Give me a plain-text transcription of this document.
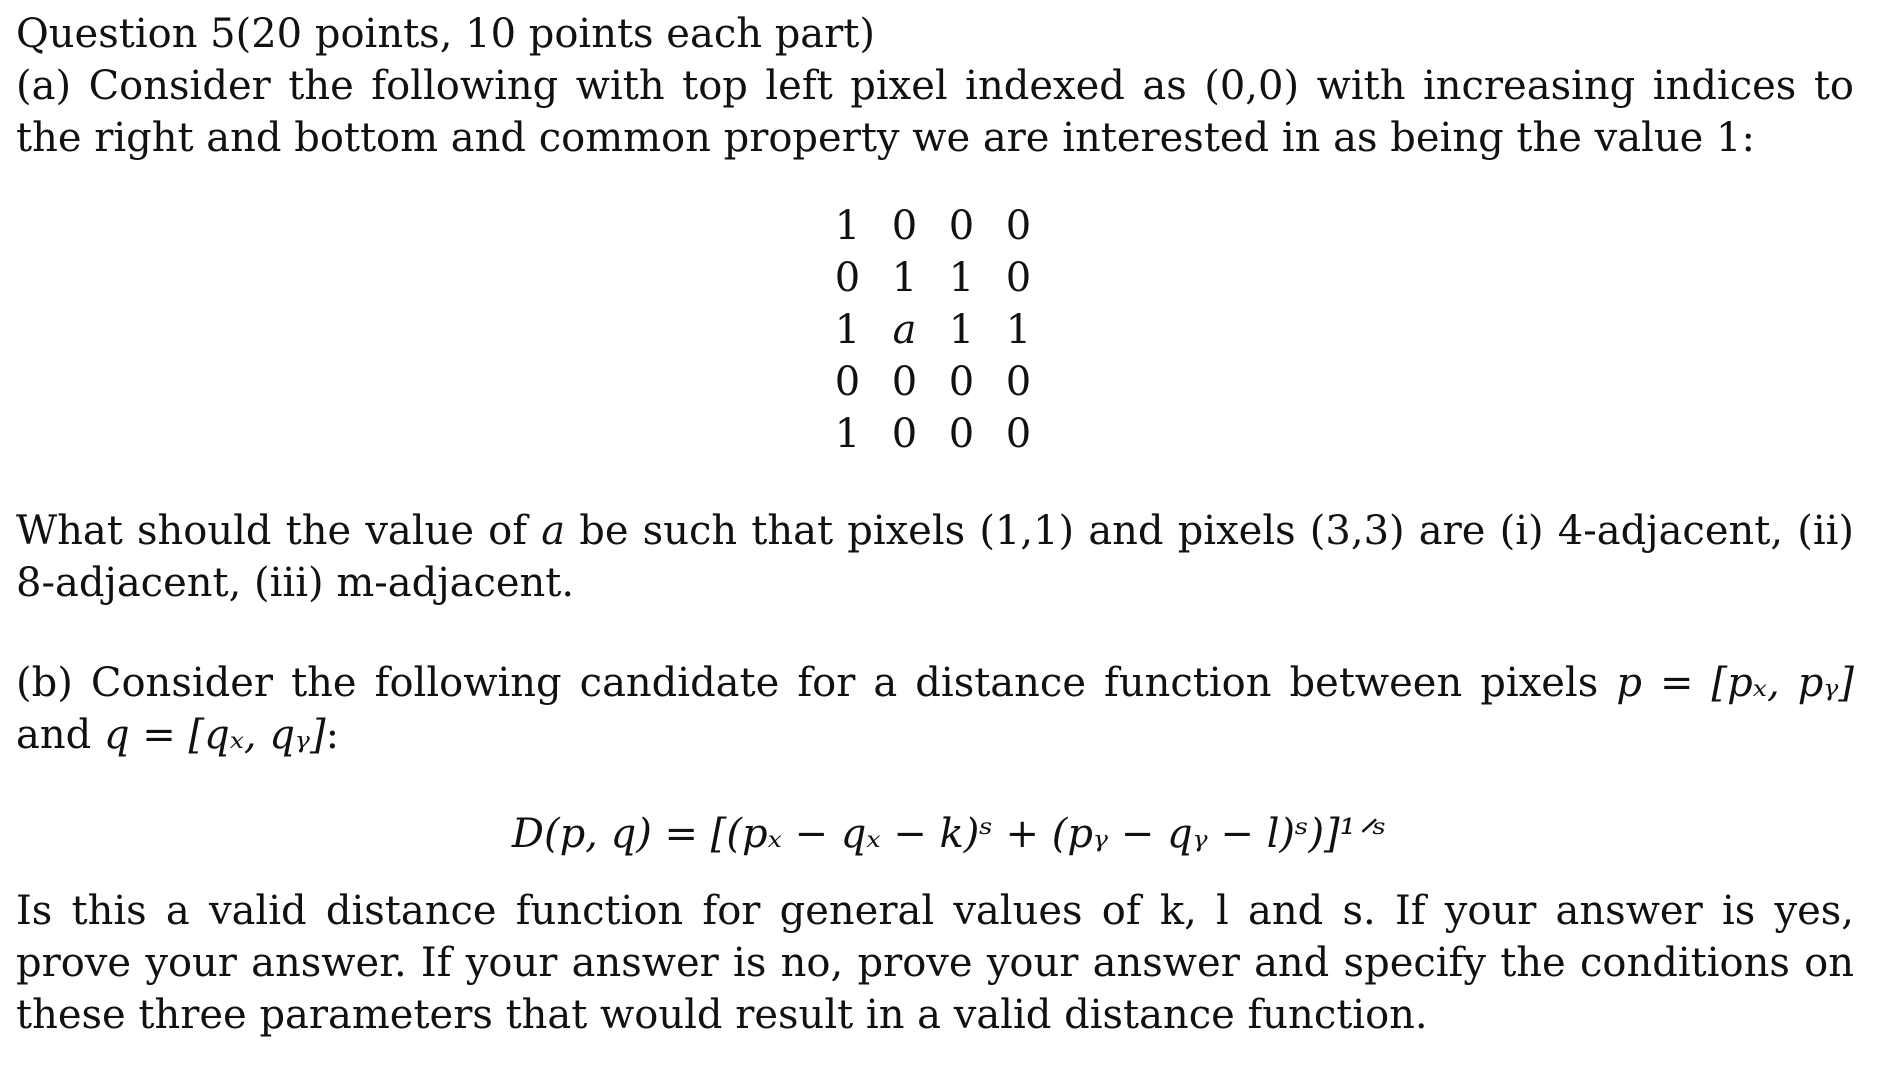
Question 5(20 points, 10 points each part)

(a) Consider the following with top left pixel indexed as (0,0) with increasing indices to the right and bottom and common property we are interested in as being the value 1:

1 0 0 0
0 1 1 0
1 a 1 1
0 0 0 0
1 0 0 0

What should the value of a be such that pixels (1,1) and pixels (3,3) are (i) 4-adjacent, (ii) 8-adjacent, (iii) m-adjacent.

(b) Consider the following candidate for a distance function between pixels p = [pₓ, pᵧ] and q = [qₓ, qᵧ]:

D(p, q) = [(pₓ − qₓ − k)ˢ + (pᵧ − qᵧ − l)ˢ)]¹ᐟˢ

Is this a valid distance function for general values of k, l and s. If your answer is yes, prove your answer. If your answer is no, prove your answer and specify the conditions on these three parameters that would result in a valid distance function.
